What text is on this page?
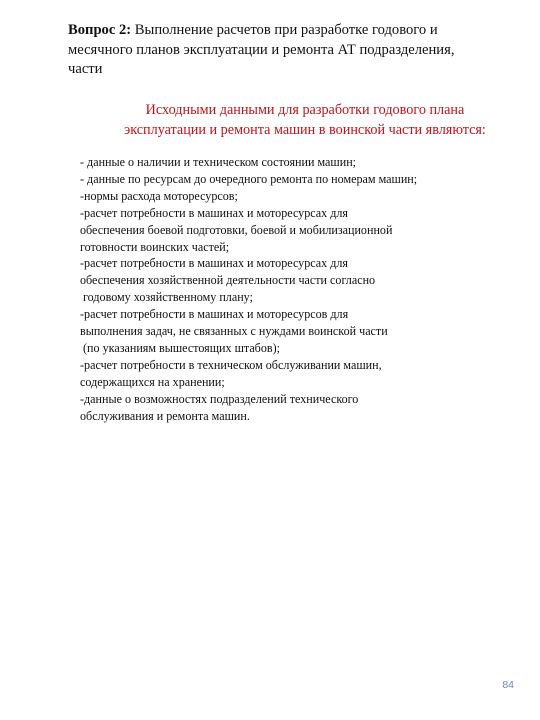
Вопрос 2: Выполнение расчетов при разработке годового и
месячного планов эксплуатации и ремонта АТ подразделения,
части
Исходными данными для разработки годового плана
эксплуатации и ремонта машин в воинской части являются:
- данные о наличии и техническом состоянии машин;
- данные по ресурсам до очередного ремонта по номерам машин;
-нормы расхода моторесурсов;
-расчет потребности в машинах и моторесурсах для
обеспечения боевой подготовки, боевой и мобилизационной
готовности воинских частей;
-расчет потребности в машинах и моторесурсах для
обеспечения хозяйственной деятельности части согласно
годовому хозяйственному плану;
-расчет потребности в машинах и моторесурсов для
выполнения задач, не связанных с нуждами воинской части
(по указаниям вышестоящих штабов);
-расчет потребности в техническом обслуживании машин,
содержащихся на хранении;
-данные о возможностях подразделений технического
обслуживания и ремонта машин.
84
